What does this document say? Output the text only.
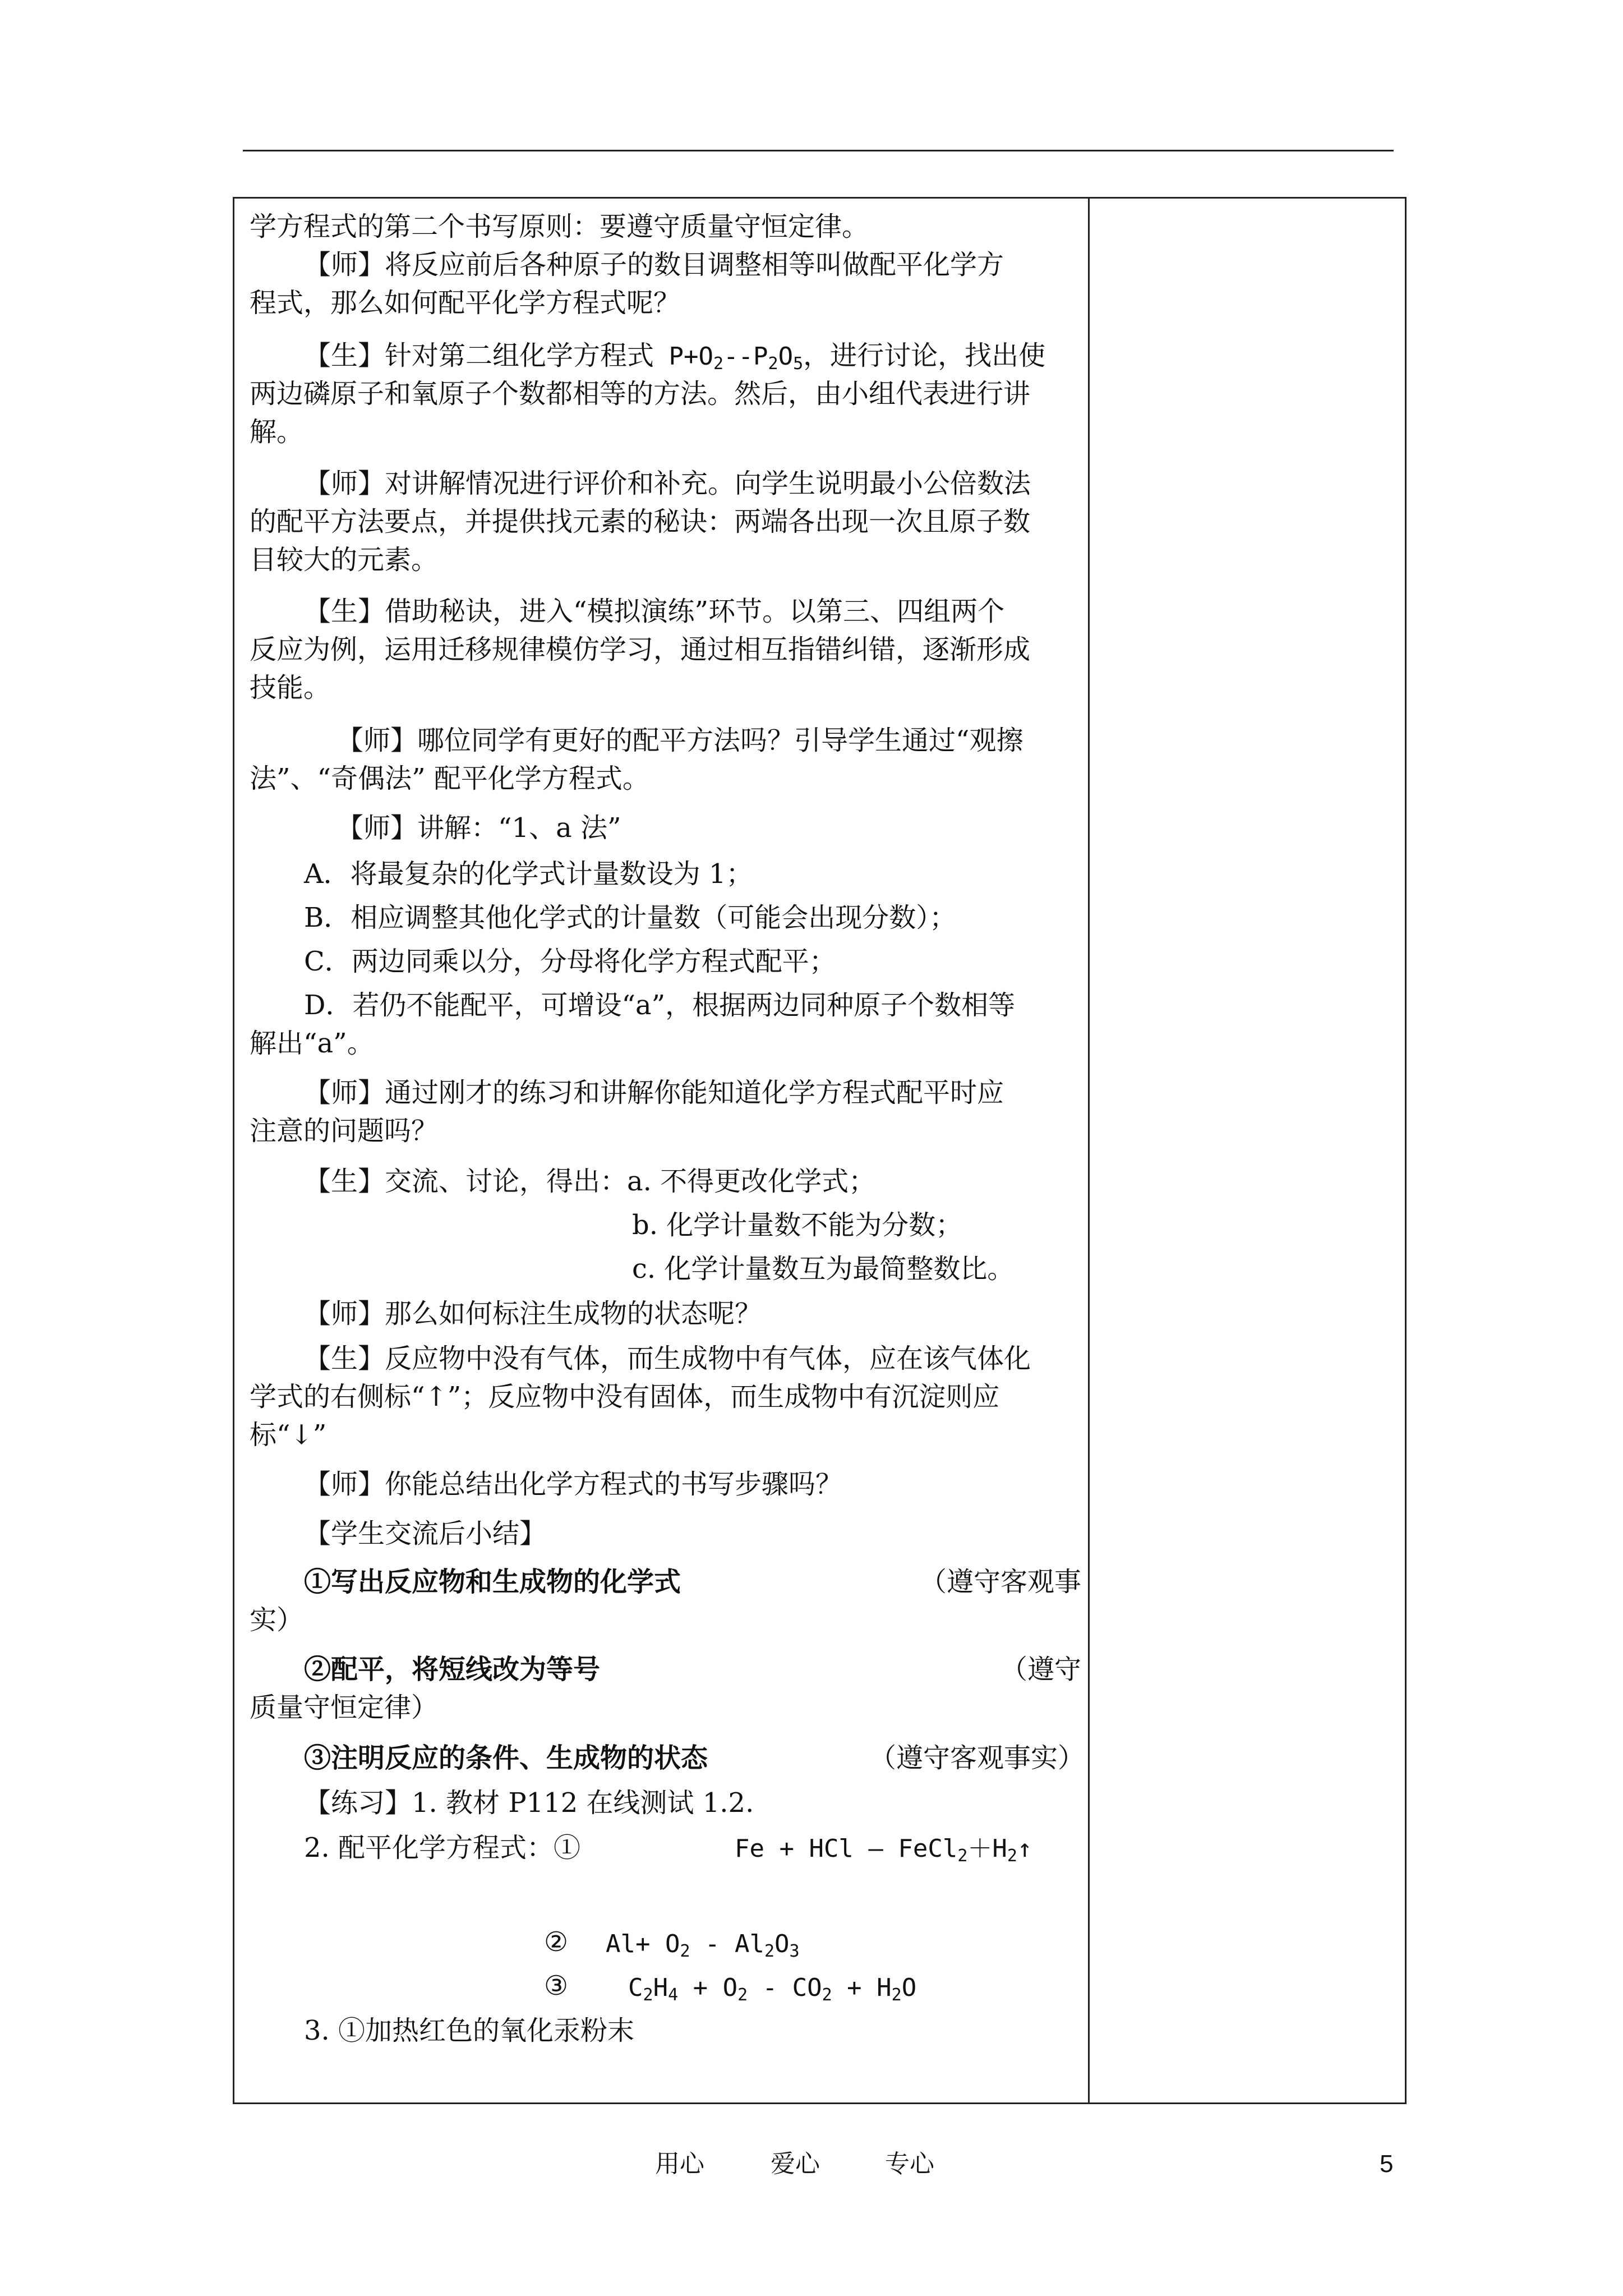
学方程式的第二个书写原则：要遵守质量守恒定律。
【师】将反应前后各种原子的数目调整相等叫做配平化学方
程式，那么如何配平化学方程式呢？
【生】针对第二组化学方程式 $P+O_2--P_2O_5$，进行讨论，找出使
两边磷原子和氧原子个数都相等的方法。然后，由小组代表进行讲
解。
【师】对讲解情况进行评价和补充。向学生说明最小公倍数法
的配平方法要点，并提供找元素的秘诀：两端各出现一次且原子数
目较大的元素。
【生】借助秘诀，进入“模拟演练”环节。以第三、四组两个
反应为例，运用迁移规律模仿学习，通过相互指错纠错，逐渐形成
技能。
【师】哪位同学有更好的配平方法吗？引导学生通过“观擦
法”、“奇偶法” 配平化学方程式。
【师】讲解：“1、a 法”
A．将最复杂的化学式计量数设为 1；
B．相应调整其他化学式的计量数（可能会出现分数）；
C．两边同乘以分，分母将化学方程式配平；
D．若仍不能配平，可增设“a”，根据两边同种原子个数相等
解出“a”。
【师】通过刚才的练习和讲解你能知道化学方程式配平时应
注意的问题吗？
【生】交流、讨论，得出：a. 不得更改化学式；
b. 化学计量数不能为分数；
c. 化学计量数互为最简整数比。
【师】那么如何标注生成物的状态呢？
【生】反应物中没有气体，而生成物中有气体，应在该气体化
学式的右侧标“↑”；反应物中没有固体，而生成物中有沉淀则应
标“↓”
【师】你能总结出化学方程式的书写步骤吗？
【学生交流后小结】
①写出反应物和生成物的化学式	（遵守客观事
实）
②配平，将短线改为等号	（遵守
质量守恒定律）
③注明反应的条件、生成物的状态	（遵守客观事实）
【练习】1. 教材 P112 在线测试 1.2.
2. 配平化学方程式：①	Fe + HCl — $FeCl_2+H_2↑$
② $Al+ O_2 - Al_2O_3$
③ $C_2H_4 + O_2 - CO_2 + H_2O$
3. ①加热红色的氧化汞粉末
用心	爱心	专心	5
